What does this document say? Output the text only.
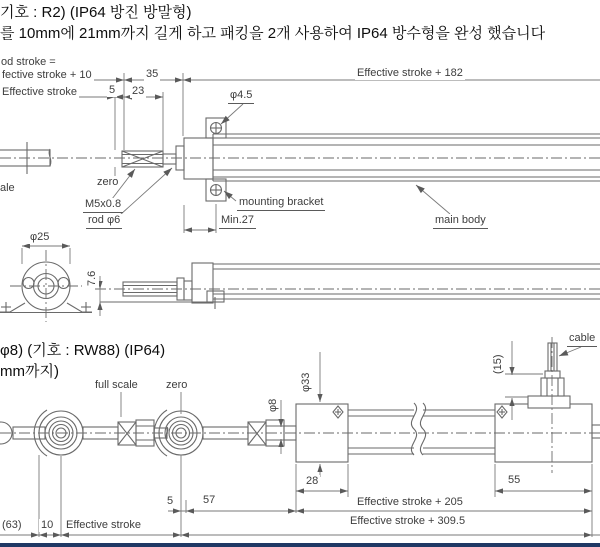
기호 : R2) (IP64 방진 방말형)
를 10mm에 21mm까지 길게 하고 패킹을 2개 사용하여 IP64 방수형을 완성 했습니다
od stroke =
fective stroke + 10	35
Effective stroke	5 23
Effective stroke + 182
φ4.5
zero
ale
M5x0.8
rod φ6
mounting bracket
Min.27	main body
φ25
7.6
φ8) (기호 : RW88) (IP64)
mm까지)
full scale	zero
φ8
φ33
(15)
cable
28	55
5	57	Effective stroke + 205
(63) 10 Effective stroke	Effective stroke + 309.5
